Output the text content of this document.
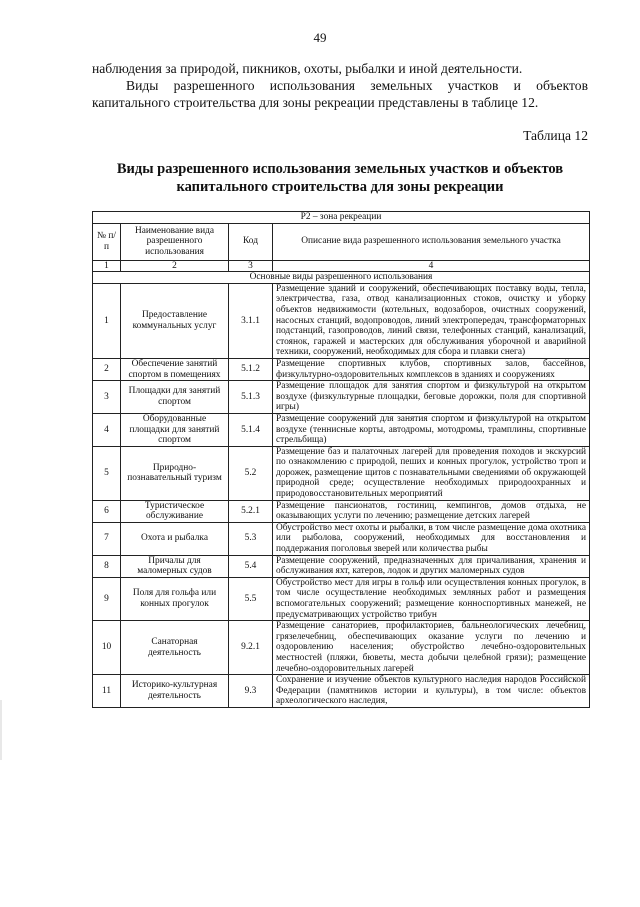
49

наблюдения за природой, пикников, охоты, рыбалки и иной деятельности.

Виды разрешенного использования земельных участков и объектов капитального строительства для зоны рекреации представлены в таблице 12.

Таблица 12
Виды разрешенного использования земельных участков и объектов капитального строительства для зоны рекреации
Р2 – зона рекреации			
№ п/п	Наименование вида разрешенного использования	Код	Описание вида разрешенного использования земельного участка
1	2	3	4
Основные виды разрешенного использования			
1	Предоставление коммунальных услуг	3.1.1	Размещение зданий и сооружений, обеспечивающих поставку воды, тепла, электричества, газа, отвод канализационных стоков, очистку и уборку объектов недвижимости (котельных, водозаборов, очистных сооружений, насосных станций, водопроводов, линий электропередач, трансформаторных подстанций, газопроводов, линий связи, телефонных станций, канализаций, стоянок, гаражей и мастерских для обслуживания уборочной и аварийной техники, сооружений, необходимых для сбора и плавки снега)
2	Обеспечение занятий спортом в помещениях	5.1.2	Размещение спортивных клубов, спортивных залов, бассейнов, физкультурно-оздоровительных комплексов в зданиях и сооружениях
3	Площадки для занятий спортом	5.1.3	Размещение площадок для занятия спортом и физкультурой на открытом воздухе (физкультурные площадки, беговые дорожки, поля для спортивной игры)
4	Оборудованные площадки для занятий спортом	5.1.4	Размещение сооружений для занятия спортом и физкультурой на открытом воздухе (теннисные корты, автодромы, мотодромы, трамплины, спортивные стрельбища)
5	Природно-познавательный туризм	5.2	Размещение баз и палаточных лагерей для проведения походов и экскурсий по ознакомлению с природой, пеших и конных прогулок, устройство троп и дорожек, размещение щитов с познавательными сведениями об окружающей природной среде; осуществление необходимых природоохранных и природовосстановительных мероприятий
6	Туристическое обслуживание	5.2.1	Размещение пансионатов, гостиниц, кемпингов, домов отдыха, не оказывающих услуги по лечению; размещение детских лагерей
7	Охота и рыбалка	5.3	Обустройство мест охоты и рыбалки, в том числе размещение дома охотника или рыболова, сооружений, необходимых для восстановления и поддержания поголовья зверей или количества рыбы
8	Причалы для маломерных судов	5.4	Размещение сооружений, предназначенных для причаливания, хранения и обслуживания яхт, катеров, лодок и других маломерных судов
9	Поля для гольфа или конных прогулок	5.5	Обустройство мест для игры в гольф или осуществления конных прогулок, в том числе осуществление необходимых земляных работ и размещения вспомогательных сооружений; размещение конноспортивных манежей, не предусматривающих устройство трибун
10	Санаторная деятельность	9.2.1	Размещение санаториев, профилакториев, бальнеологических лечебниц, грязелечебниц, обеспечивающих оказание услуги по лечению и оздоровлению населения; обустройство лечебно-оздоровительных местностей (пляжи, бюветы, места добычи целебной грязи); размещение лечебно-оздоровительных лагерей
11	Историко-культурная деятельность	9.3	Сохранение и изучение объектов культурного наследия народов Российской Федерации (памятников истории и культуры), в том числе: объектов археологического наследия,
